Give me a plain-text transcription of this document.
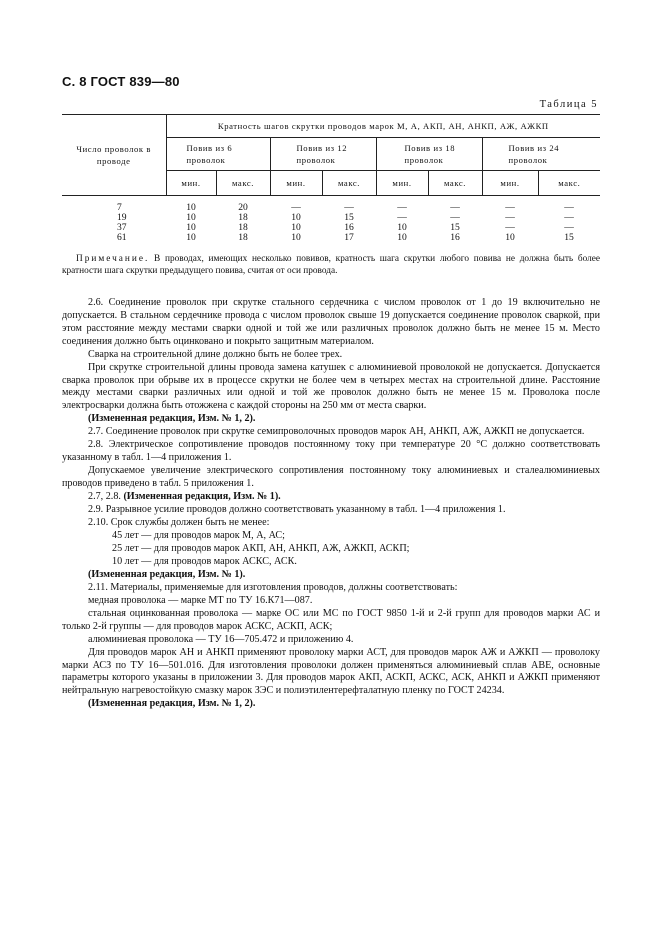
С. 8 ГОСТ 839—80
Таблица 5
Число проволок в проводе	Кратность шагов скрутки проводов марок М, А, АКП, АН, АНКП, АЖ, АЖКП							
	Повив из 6 проволок		Повив из 12 проволок		Повив из 18 проволок		Повив из 24 проволок	
	мин.	макс.	мин.	макс.	мин.	макс.	мин.	макс.
7	10	20	—	—	—	—	—	—
19	10	18	10	15	—	—	—	—
37	10	18	10	16	10	15	—	—
61	10	18	10	17	10	16	10	15
Примечание. В проводах, имеющих несколько повивов, кратность шага скрутки любого повива не должна быть более кратности шага скрутки предыдущего повива, считая от оси провода.
2.6. Соединение проволок при скрутке стального сердечника с числом проволок от 1 до 19 включительно не допускается. В стальном сердечнике провода с числом проволок свыше 19 допускается соединение проволок сваркой, при этом расстояние между местами сварки одной и той же или различных проволок должно быть не менее 15 м. Место соединения должно быть оцинковано и покрыто защитным материалом.
Сварка на строительной длине должно быть не более трех.
При скрутке строительной длины провода замена катушек с алюминиевой проволокой не допускается. Допускается сварка проволок при обрыве их в процессе скрутки не более чем в четырех местах на строительной длине. Расстояние между местами сварки различных или одной и той же проволок должно быть не менее 15 м. Проволока после электросварки должна быть отожжена с каждой стороны на 250 мм от места сварки.
(Измененная редакция, Изм. № 1, 2).
2.7. Соединение проволок при скрутке семипроволочных проводов марок АН, АНКП, АЖ, АЖКП не допускается.
2.8. Электрическое сопротивление проводов постоянному току при температуре 20 °С должно соответствовать указанному в табл. 1—4 приложения 1.
Допускаемое увеличение электрического сопротивления постоянному току алюминиевых и сталеалюминиевых проводов приведено в табл. 5 приложения 1.
2.7, 2.8. (Измененная редакция, Изм. № 1).
2.9. Разрывное усилие проводов должно соответствовать указанному в табл. 1—4 приложения 1.
2.10. Срок службы должен быть не менее:
45 лет — для проводов марок М, А, АС;
25 лет — для проводов марок АКП, АН, АНКП, АЖ, АЖКП, АСКП;
10 лет — для проводов марок АСКС, АСК.
(Измененная редакция, Изм. № 1).
2.11. Материалы, применяемые для изготовления проводов, должны соответствовать:
медная проволока — марке МТ по ТУ 16.К71—087.
стальная оцинкованная проволока — марке ОС или МС по ГОСТ 9850 1-й и 2-й групп для проводов марки АС и только 2-й группы — для проводов марок АСКС, АСКП, АСК;
алюминиевая проволока — ТУ 16—705.472 и приложению 4.
Для проводов марок АН и АНКП применяют проволоку марки АСТ, для проводов марок АЖ и АЖКП — проволоку марки АСЗ по ТУ 16—501.016. Для изготовления проволоки должен применяться алюминиевый сплав АВЕ, основные параметры которого указаны в приложении 3. Для проводов марок АКП, АСКП, АСКС, АСК, АНКП и АЖКП применяют нейтральную нагревостойкую смазку марок ЗЭС и полиэтилентерефталатную пленку по ГОСТ 24234.
(Измененная редакция, Изм. № 1, 2).
